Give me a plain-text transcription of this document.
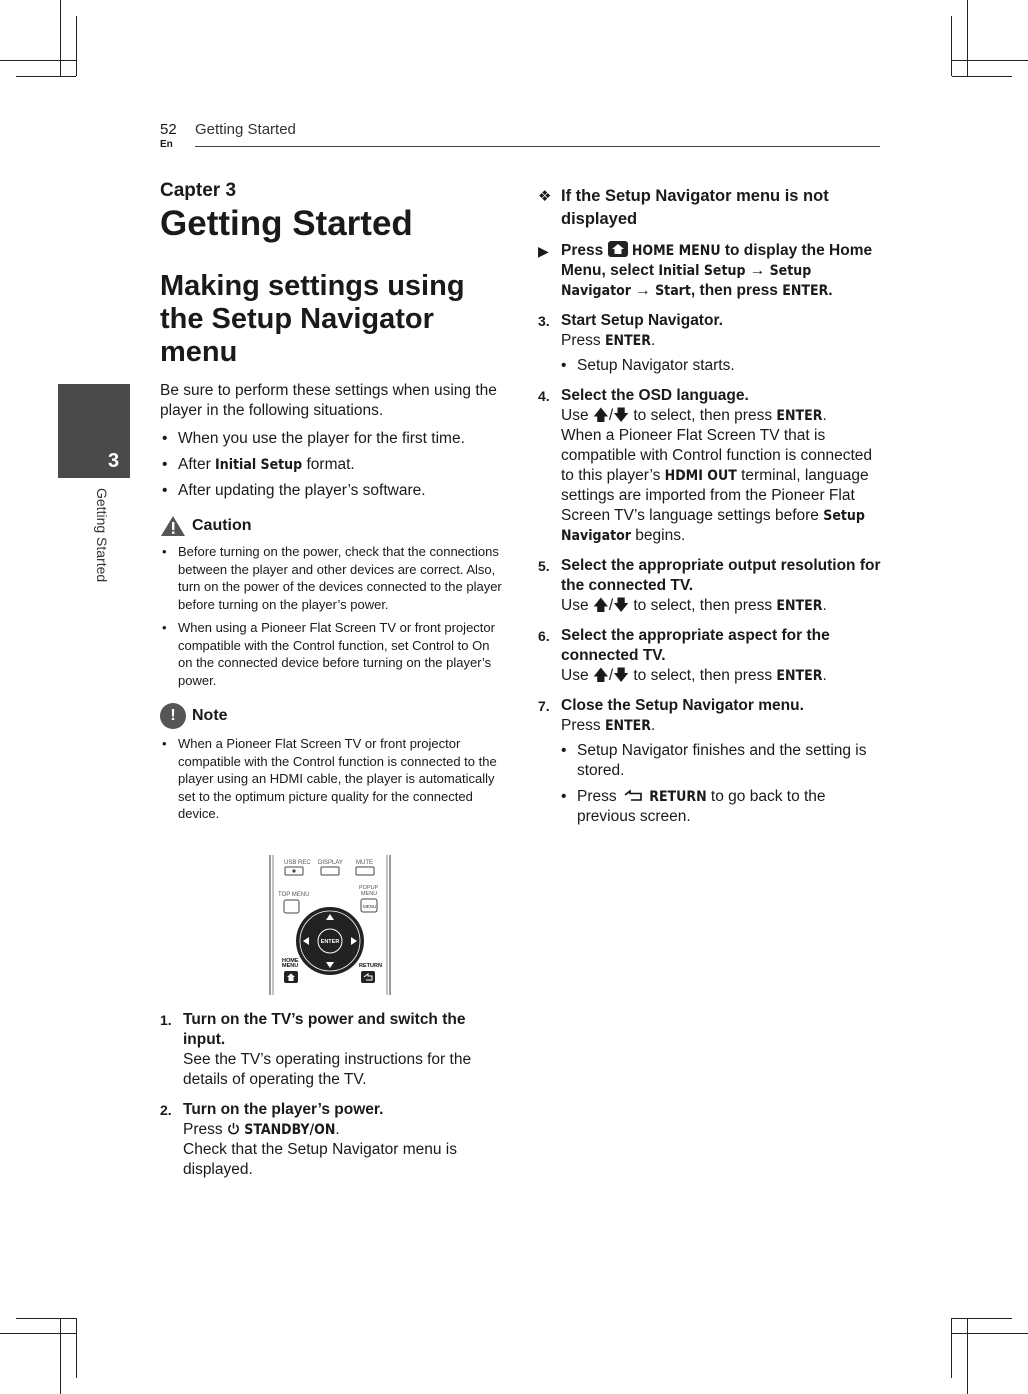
52
En
Getting Started
3
Getting Started
Capter 3
Getting Started
Making settings using the Setup Navigator menu

Be sure to perform these settings when using the player in the following situations.

• When you use the player for the first time.
• After Initial Setup format.
• After updating the player’s software.
Caution
• Before turning on the power, check that the connections between the player and other devices are correct. Also, turn on the power of the devices connected to the player before turning on the player’s power.
• When using a Pioneer Flat Screen TV or front projector compatible with the Control function, set Control to On on the connected device before turning on the player’s power.
!	Note
• When a Pioneer Flat Screen TV or front projector compatible with the Control function is connected to the player using an HDMI cable, the player is automatically set to the optimum picture quality for the connected device.
USB REC DISPLAY MUTE
TOP MENU
POPUP
MENU
MENU
ENTER
HOME
MENU	RETURN
1. Turn on the TV’s power and switch the input.
See the TV’s operating instructions for the details of operating the TV.
2. Turn on the player’s power.
Press  STANDBY/ON.
Check that the Setup Navigator menu is displayed.
❖ If the Setup Navigator menu is not displayed
▶ Press  HOME MENU to display the Home Menu, select Initial Setup → Setup Navigator → Start, then press ENTER.
3. Start Setup Navigator.
Press ENTER.
• Setup Navigator starts.
4. Select the OSD language.
Use 🡅/🡇 to select, then press ENTER.
When a Pioneer Flat Screen TV that is compatible with Control function is connected to this player’s HDMI OUT terminal, language settings are imported from the Pioneer Flat Screen TV’s language settings before Setup Navigator begins.
5. Select the appropriate output resolution for the connected TV.
Use 🡅/🡇 to select, then press ENTER.
6. Select the appropriate aspect for the connected TV.
Use 🡅/🡇 to select, then press ENTER.
7. Close the Setup Navigator menu.
Press ENTER.
• Setup Navigator finishes and the setting is stored.
• Press  RETURN to go back to the previous screen.
